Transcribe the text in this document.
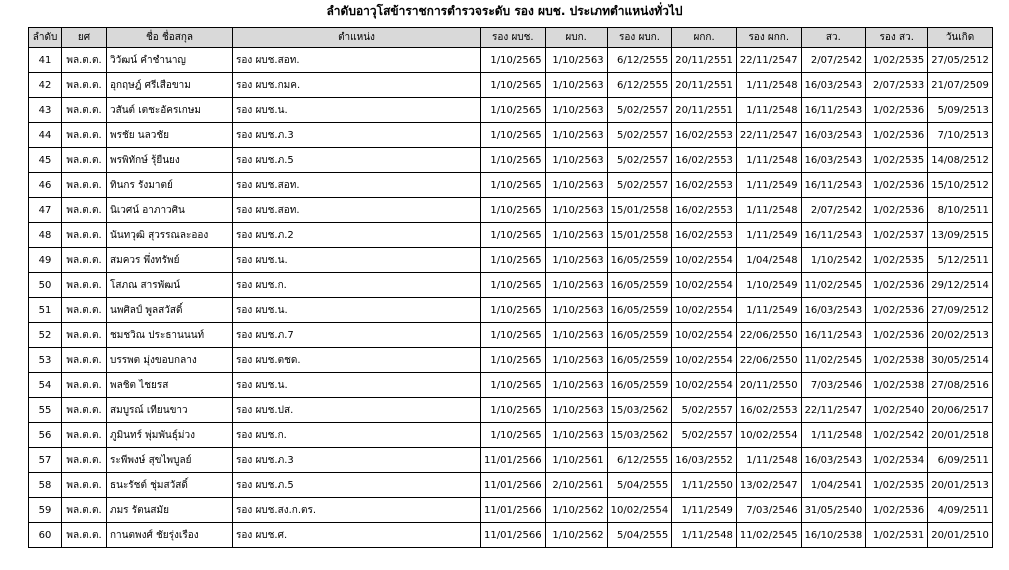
ลำดับอาวุโสข้าราชการตำรวจระดับ รอง ผบช. ประเภทตำแหน่งทั่วไป
ลำดับ	ยศ	ชื่อ ชื่อสกุล	ตำแหน่ง	รอง ผบช.	ผบก.	รอง ผบก.	ผกก.	รอง ผกก.	สว.	รอง สว.	วันเกิด
41	พล.ต.ต.	วิวัฒน์ คำชำนาญ	รอง ผบช.สอท.	1/10/2565	1/10/2563	6/12/2555	20/11/2551	22/11/2547	2/07/2542	1/02/2535	27/05/2512
42	พล.ต.ต.	อุกฤษฎ์ ศรีเสือขาม	รอง ผบช.กมค.	1/10/2565	1/10/2563	6/12/2555	20/11/2551	1/11/2548	16/03/2543	2/07/2533	21/07/2509
43	พล.ต.ต.	วสันต์ เตชะอัครเกษม	รอง ผบช.น.	1/10/2565	1/10/2563	5/02/2557	20/11/2551	1/11/2548	16/11/2543	1/02/2536	5/09/2513
44	พล.ต.ต.	พรชัย นลวชัย	รอง ผบช.ภ.3	1/10/2565	1/10/2563	5/02/2557	16/02/2553	22/11/2547	16/03/2543	1/02/2536	7/10/2513
45	พล.ต.ต.	พรพิทักษ์ รุ้ยืนยง	รอง ผบช.ภ.5	1/10/2565	1/10/2563	5/02/2557	16/02/2553	1/11/2548	16/03/2543	1/02/2535	14/08/2512
46	พล.ต.ต.	ทินกร รังมาตย์	รอง ผบช.สอท.	1/10/2565	1/10/2563	5/02/2557	16/02/2553	1/11/2549	16/11/2543	1/02/2536	15/10/2512
47	พล.ต.ต.	นิเวศน์ อาภาวศิน	รอง ผบช.สอท.	1/10/2565	1/10/2563	15/01/2558	16/02/2553	1/11/2548	2/07/2542	1/02/2536	8/10/2511
48	พล.ต.ต.	นันทวุฒิ สุวรรณละออง	รอง ผบช.ภ.2	1/10/2565	1/10/2563	15/01/2558	16/02/2553	1/11/2549	16/11/2543	1/02/2537	13/09/2515
49	พล.ต.ต.	สมควร พึ่งทรัพย์	รอง ผบช.น.	1/10/2565	1/10/2563	16/05/2559	10/02/2554	1/04/2548	1/10/2542	1/02/2535	5/12/2511
50	พล.ต.ต.	โสภณ สารพัฒน์	รอง ผบช.ก.	1/10/2565	1/10/2563	16/05/2559	10/02/2554	1/10/2549	11/02/2545	1/02/2536	29/12/2514
51	พล.ต.ต.	นพศิลป์ พูลสวัสดิ์	รอง ผบช.น.	1/10/2565	1/10/2563	16/05/2559	10/02/2554	1/11/2549	16/03/2543	1/02/2536	27/09/2512
52	พล.ต.ต.	ชมชวิณ ประธานนนท์	รอง ผบช.ภ.7	1/10/2565	1/10/2563	16/05/2559	10/02/2554	22/06/2550	16/11/2543	1/02/2536	20/02/2513
53	พล.ต.ต.	บรรพต มุ่งขอบกลาง	รอง ผบช.ตชด.	1/10/2565	1/10/2563	16/05/2559	10/02/2554	22/06/2550	11/02/2545	1/02/2538	30/05/2514
54	พล.ต.ต.	พลชิต ไชยรส	รอง ผบช.น.	1/10/2565	1/10/2563	16/05/2559	10/02/2554	20/11/2550	7/03/2546	1/02/2538	27/08/2516
55	พล.ต.ต.	สมบูรณ์ เทียนขาว	รอง ผบช.ปส.	1/10/2565	1/10/2563	15/03/2562	5/02/2557	16/02/2553	22/11/2547	1/02/2540	20/06/2517
56	พล.ต.ต.	ภูมินทร์ พุ่มพันธุ์ม่วง	รอง ผบช.ก.	1/10/2565	1/10/2563	15/03/2562	5/02/2557	10/02/2554	1/11/2548	1/02/2542	20/01/2518
57	พล.ต.ต.	ระพีพงษ์ สุขไพบูลย์	รอง ผบช.ภ.3	11/01/2566	1/10/2561	6/12/2555	16/03/2552	1/11/2548	16/03/2543	1/02/2534	6/09/2511
58	พล.ต.ต.	ธนะรัชต์ ชุ่มสวัสดิ์	รอง ผบช.ภ.5	11/01/2566	2/10/2561	5/04/2555	1/11/2550	13/02/2547	1/04/2541	1/02/2535	20/01/2513
59	พล.ต.ต.	ภมร รัตนสมัย	รอง ผบช.สง.ก.ตร.	11/01/2566	1/10/2562	10/02/2554	1/11/2549	7/03/2546	31/05/2540	1/02/2536	4/09/2511
60	พล.ต.ต.	กานตพงศ์ ชัยรุ่งเรือง	รอง ผบช.ศ.	11/01/2566	1/10/2562	5/04/2555	1/11/2548	11/02/2545	16/10/2538	1/02/2531	20/01/2510
